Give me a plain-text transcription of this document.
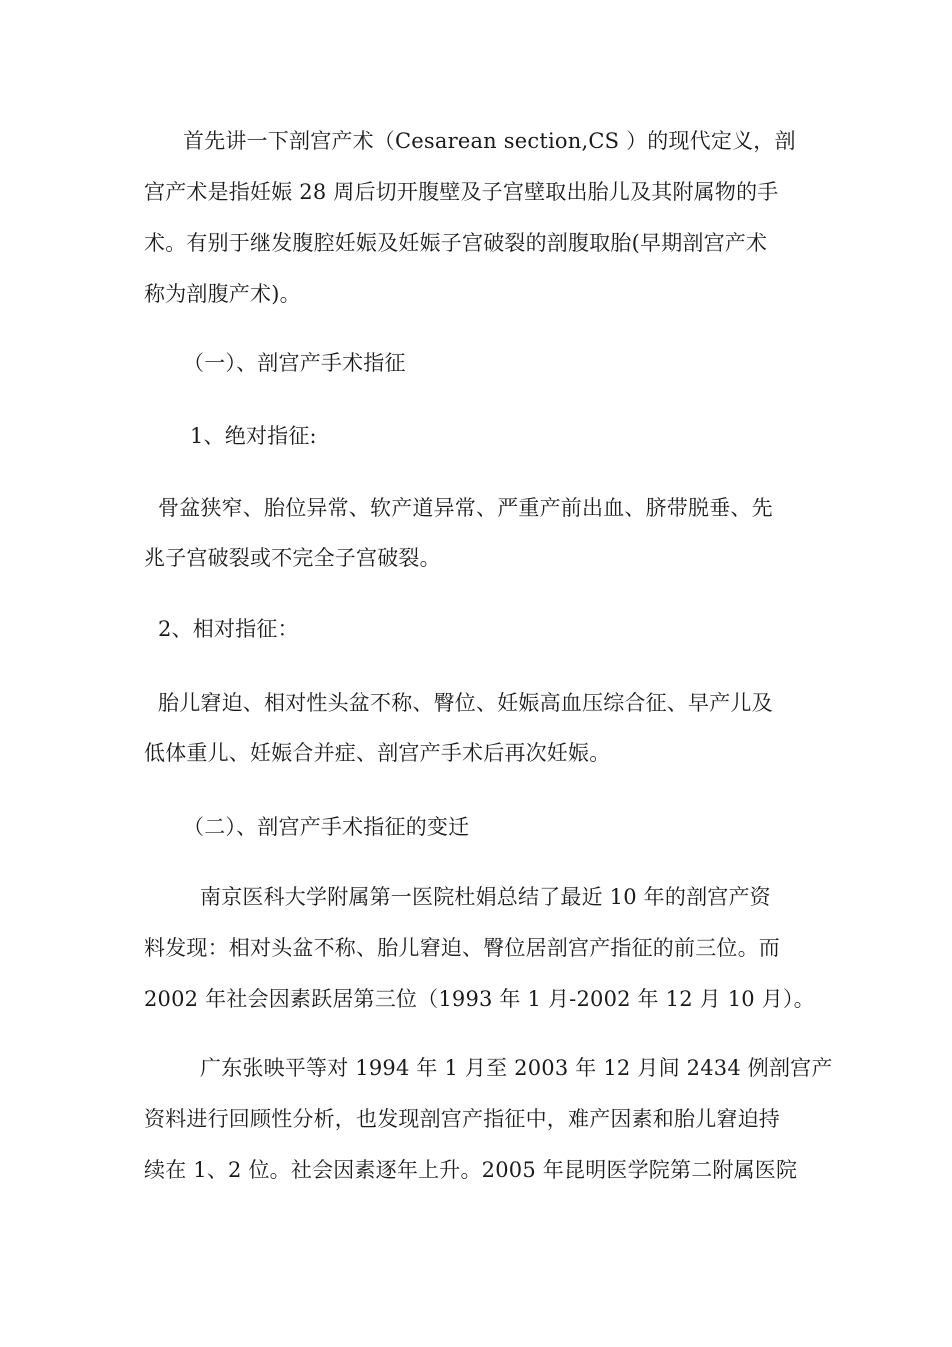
首先讲一下剖宫产术（Cesarean section,CS ）的现代定义，剖
宫产术是指妊娠 28 周后切开腹壁及子宫壁取出胎儿及其附属物的手
术。有别于继发腹腔妊娠及妊娠子宫破裂的剖腹取胎(早期剖宫产术
称为剖腹产术)。
（一）、剖宫产手术指征
1、绝对指征:
骨盆狭窄、胎位异常、软产道异常、严重产前出血、脐带脱垂、先
兆子宫破裂或不完全子宫破裂。
2、相对指征：
胎儿窘迫、相对性头盆不称、臀位、妊娠高血压综合征、早产儿及
低体重儿、妊娠合并症、剖宫产手术后再次妊娠。
（二）、剖宫产手术指征的变迁
南京医科大学附属第一医院杜娟总结了最近 10 年的剖宫产资
料发现：相对头盆不称、胎儿窘迫、臀位居剖宫产指征的前三位。而
2002 年社会因素跃居第三位（1993 年 1 月-2002 年 12 月 10 月）。
广东张映平等对 1994 年 1 月至 2003 年 12 月间 2434 例剖宫产
资料进行回顾性分析，也发现剖宫产指征中，难产因素和胎儿窘迫持
续在 1、2 位。社会因素逐年上升。2005 年昆明医学院第二附属医院
